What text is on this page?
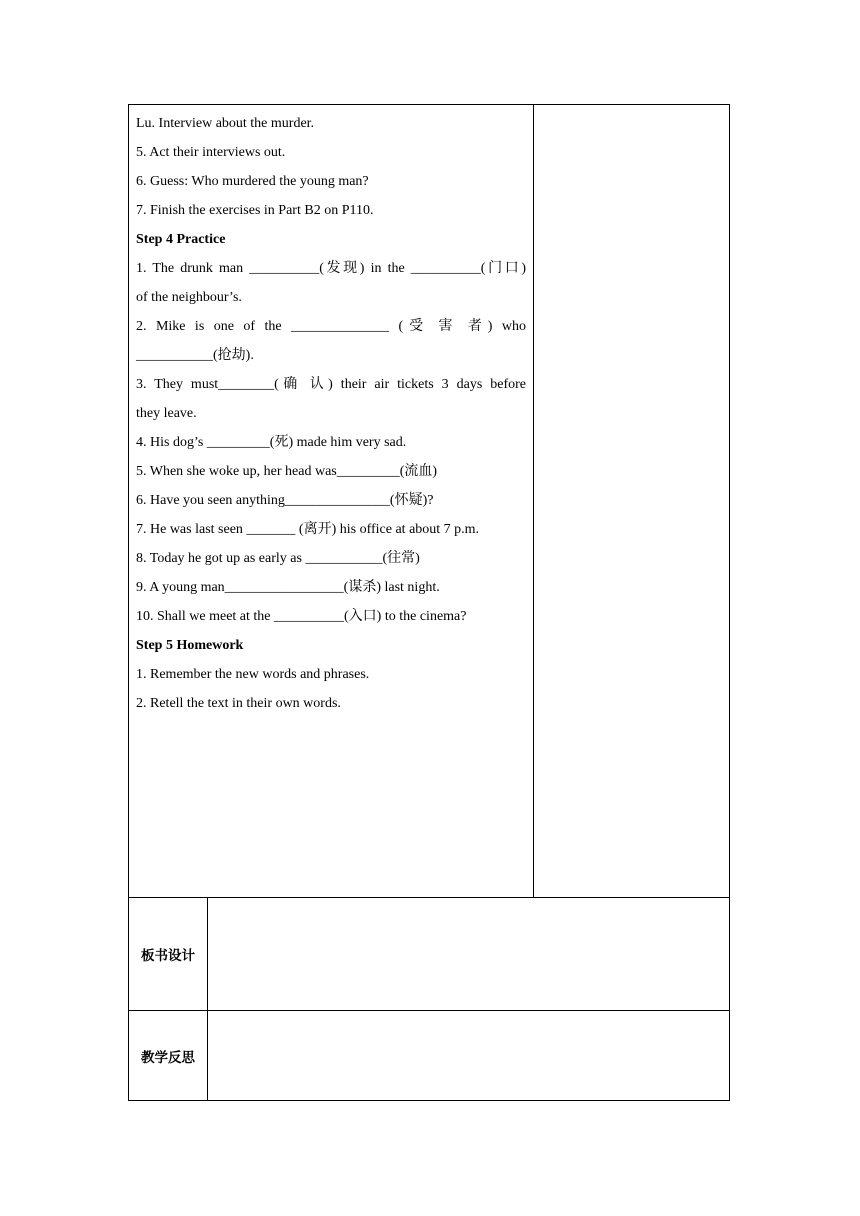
Lu. Interview about the murder.
5. Act their interviews out.
6. Guess: Who murdered the young man?
7. Finish the exercises in Part B2 on P110.
Step 4 Practice
1. The drunk man __________(发现) in the __________(门口)
of the neighbour’s.
2. Mike is one of the ______________ (受 害 者) who
___________(抢劫).
3. They must________(确 认) their air tickets 3 days before
they leave.
4. His dog’s _________(死) made him very sad.
5. When she woke up, her head was_________(流血)
6. Have you seen anything_______________(怀疑)?
7. He was last seen _______ (离开) his office at about 7 p.m.
8. Today he got up as early as ___________(往常)
9. A young man_________________(谋杀) last night.
10. Shall we meet at the __________(入口) to the cinema?
Step 5 Homework
1. Remember the new words and phrases.
2. Retell the text in their own words.
板书设计
教学反思
